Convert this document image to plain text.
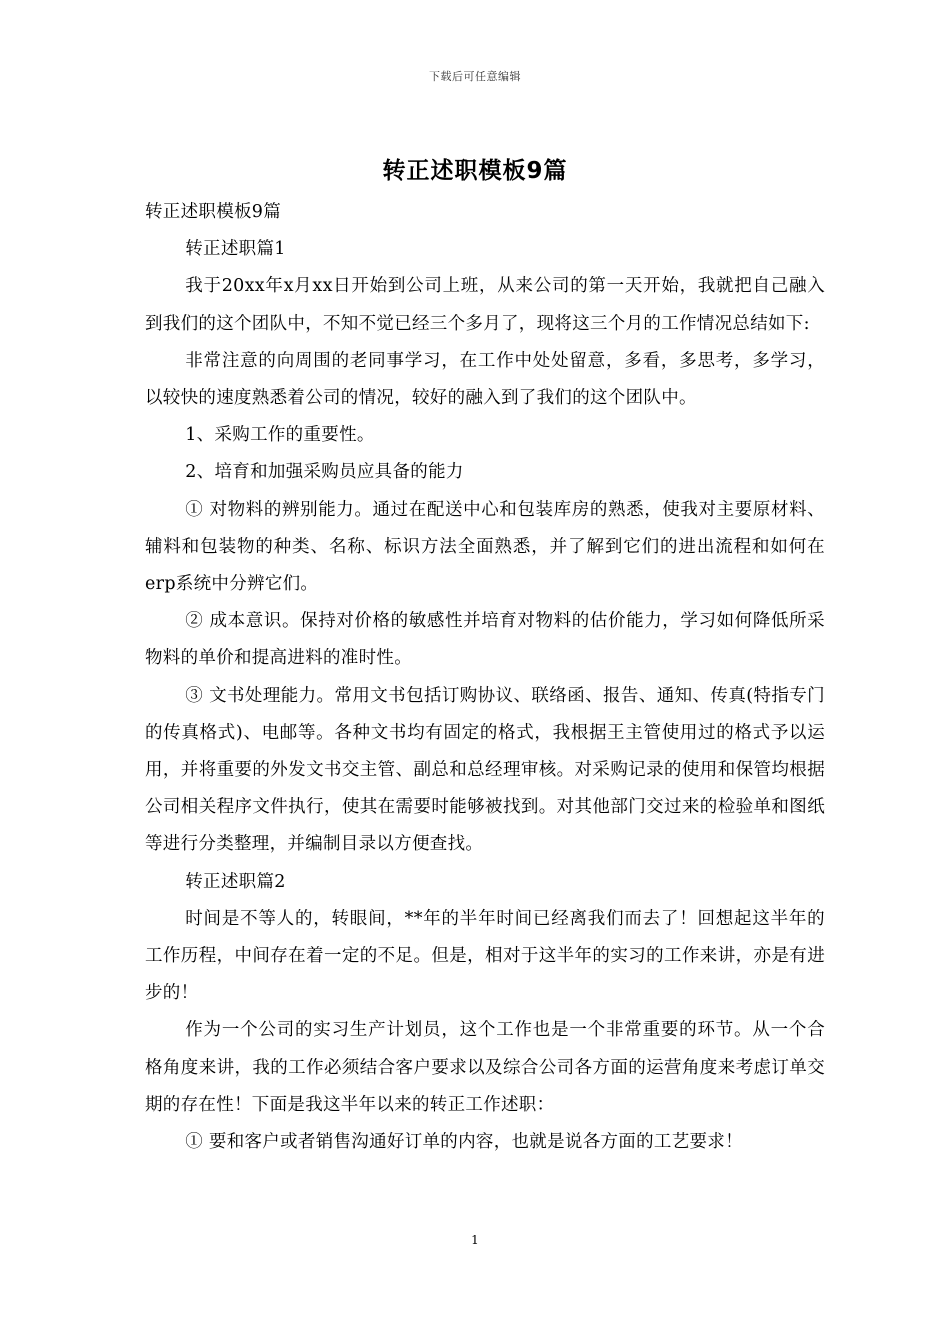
下载后可任意编辑
转正述职模板9篇

转正述职模板9篇

转正述职篇1

我于20xx年x月xx日开始到公司上班，从来公司的第一天开始，我就把自己融入到我们的这个团队中，不知不觉已经三个多月了，现将这三个月的工作情况总结如下:

非常注意的向周围的老同事学习，在工作中处处留意，多看，多思考，多学习，以较快的速度熟悉着公司的情况，较好的融入到了我们的这个团队中。

1、采购工作的重要性。

2、培育和加强采购员应具备的能力

① 对物料的辨别能力。通过在配送中心和包装库房的熟悉，使我对主要原材料、辅料和包装物的种类、名称、标识方法全面熟悉，并了解到它们的进出流程和如何在erp系统中分辨它们。

② 成本意识。保持对价格的敏感性并培育对物料的估价能力，学习如何降低所采物料的单价和提高进料的准时性。

③ 文书处理能力。常用文书包括订购协议、联络函、报告、通知、传真(特指专门的传真格式)、电邮等。各种文书均有固定的格式，我根据王主管使用过的格式予以运用，并将重要的外发文书交主管、副总和总经理审核。对采购记录的使用和保管均根据公司相关程序文件执行，使其在需要时能够被找到。对其他部门交过来的检验单和图纸等进行分类整理，并编制目录以方便查找。

转正述职篇2

时间是不等人的，转眼间，**年的半年时间已经离我们而去了！回想起这半年的工作历程，中间存在着一定的不足。但是，相对于这半年的实习的工作来讲，亦是有进步的！

作为一个公司的实习生产计划员，这个工作也是一个非常重要的环节。从一个合格角度来讲，我的工作必须结合客户要求以及综合公司各方面的运营角度来考虑订单交期的存在性！下面是我这半年以来的转正工作述职：

① 要和客户或者销售沟通好订单的内容，也就是说各方面的工艺要求！

1
